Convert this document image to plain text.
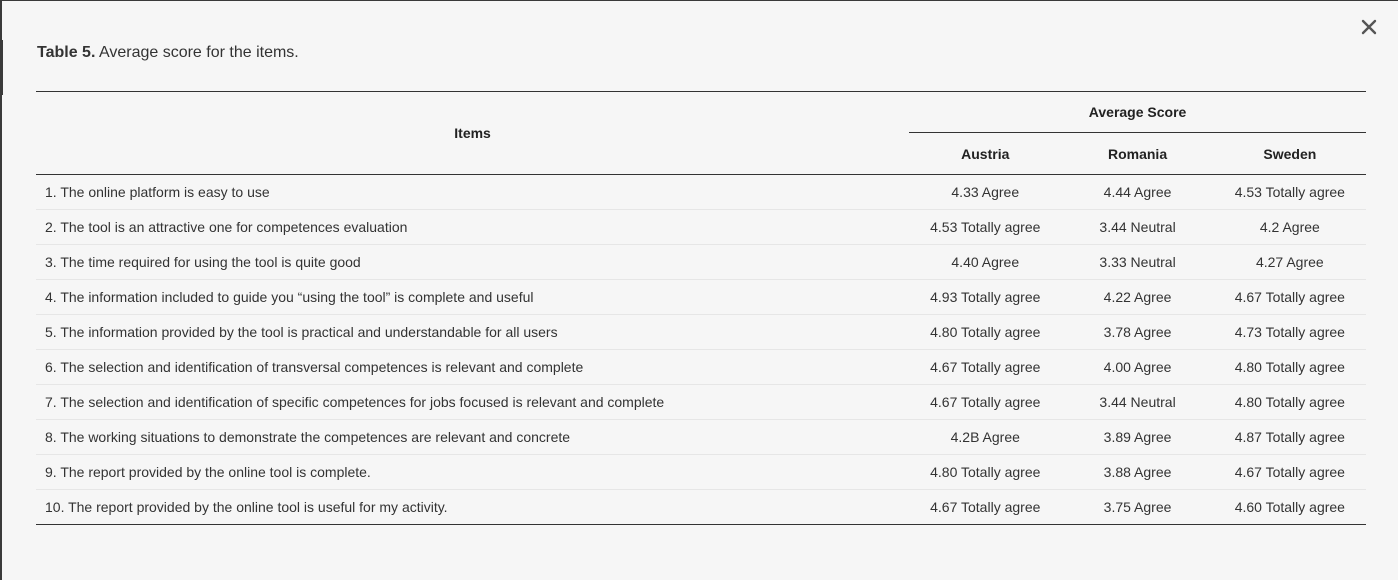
Table 5. Average score for the items.
Items	Average Score		
	Austria	Romania	Sweden
1. The online platform is easy to use	4.33 Agree	4.44 Agree	4.53 Totally agree
2. The tool is an attractive one for competences evaluation	4.53 Totally agree	3.44 Neutral	4.2 Agree
3. The time required for using the tool is quite good	4.40 Agree	3.33 Neutral	4.27 Agree
4. The information included to guide you “using the tool” is complete and useful	4.93 Totally agree	4.22 Agree	4.67 Totally agree
5. The information provided by the tool is practical and understandable for all users	4.80 Totally agree	3.78 Agree	4.73 Totally agree
6. The selection and identification of transversal competences is relevant and complete	4.67 Totally agree	4.00 Agree	4.80 Totally agree
7. The selection and identification of specific competences for jobs focused is relevant and complete	4.67 Totally agree	3.44 Neutral	4.80 Totally agree
8. The working situations to demonstrate the competences are relevant and concrete	4.2B Agree	3.89 Agree	4.87 Totally agree
9. The report provided by the online tool is complete.	4.80 Totally agree	3.88 Agree	4.67 Totally agree
10. The report provided by the online tool is useful for my activity.	4.67 Totally agree	3.75 Agree	4.60 Totally agree
